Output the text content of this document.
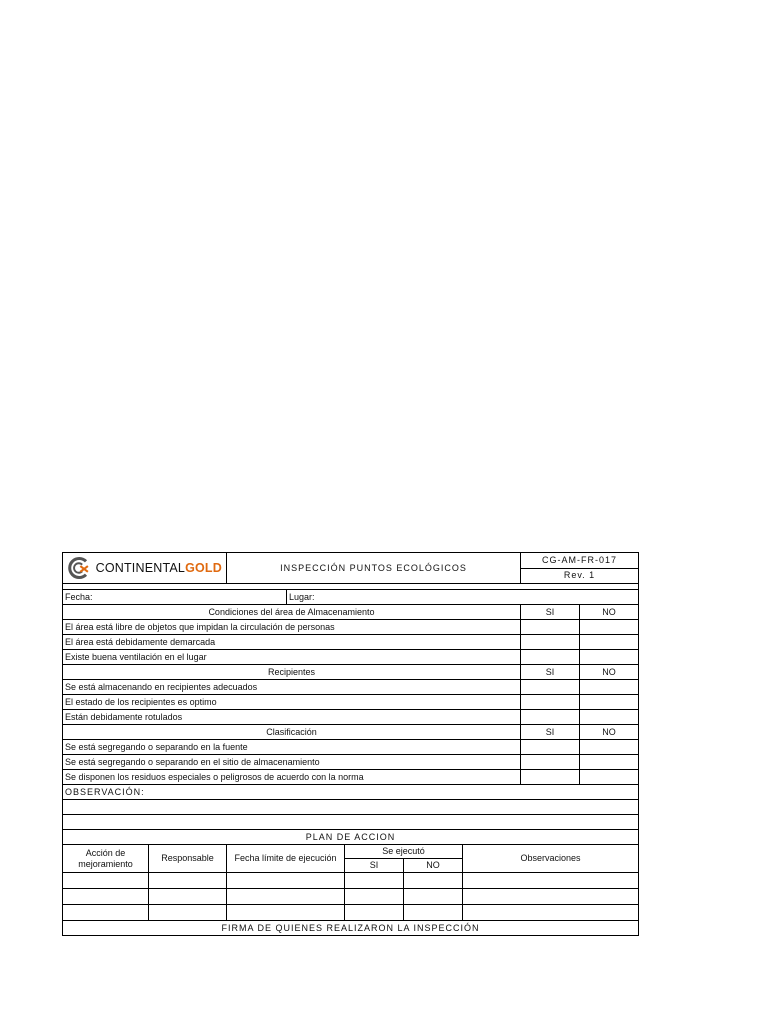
CONTINENTALGOLD	INSPECCIÓN PUNTOS ECOLÓGICOS	CG-AM-FR-017
Rev. 1

Fecha:	Lugar:		
Condiciones del área de Almacenamiento		SI	NO
El área está libre de objetos que impidan la circulación de personas			
El área está debidamente demarcada			
Existe buena ventilación en el lugar			
Recipientes		SI	NO
Se está almacenando en recipientes adecuados			
El estado de los recipientes es optimo			
Están debidamente rotulados			
Clasificación		SI	NO
Se está segregando o separando en la fuente			
Se está segregando o separando en el sitio de almacenamiento			
Se disponen los residuos especiales o peligrosos de acuerdo con la norma			
OBSERVACIÓN:			

PLAN DE ACCION					
Acción de mejoramiento	Responsable	Fecha límite de ejecución	Se ejecutó		Observaciones
			SI	NO	

FIRMA DE QUIENES REALIZARON LA INSPECCIÓN					
